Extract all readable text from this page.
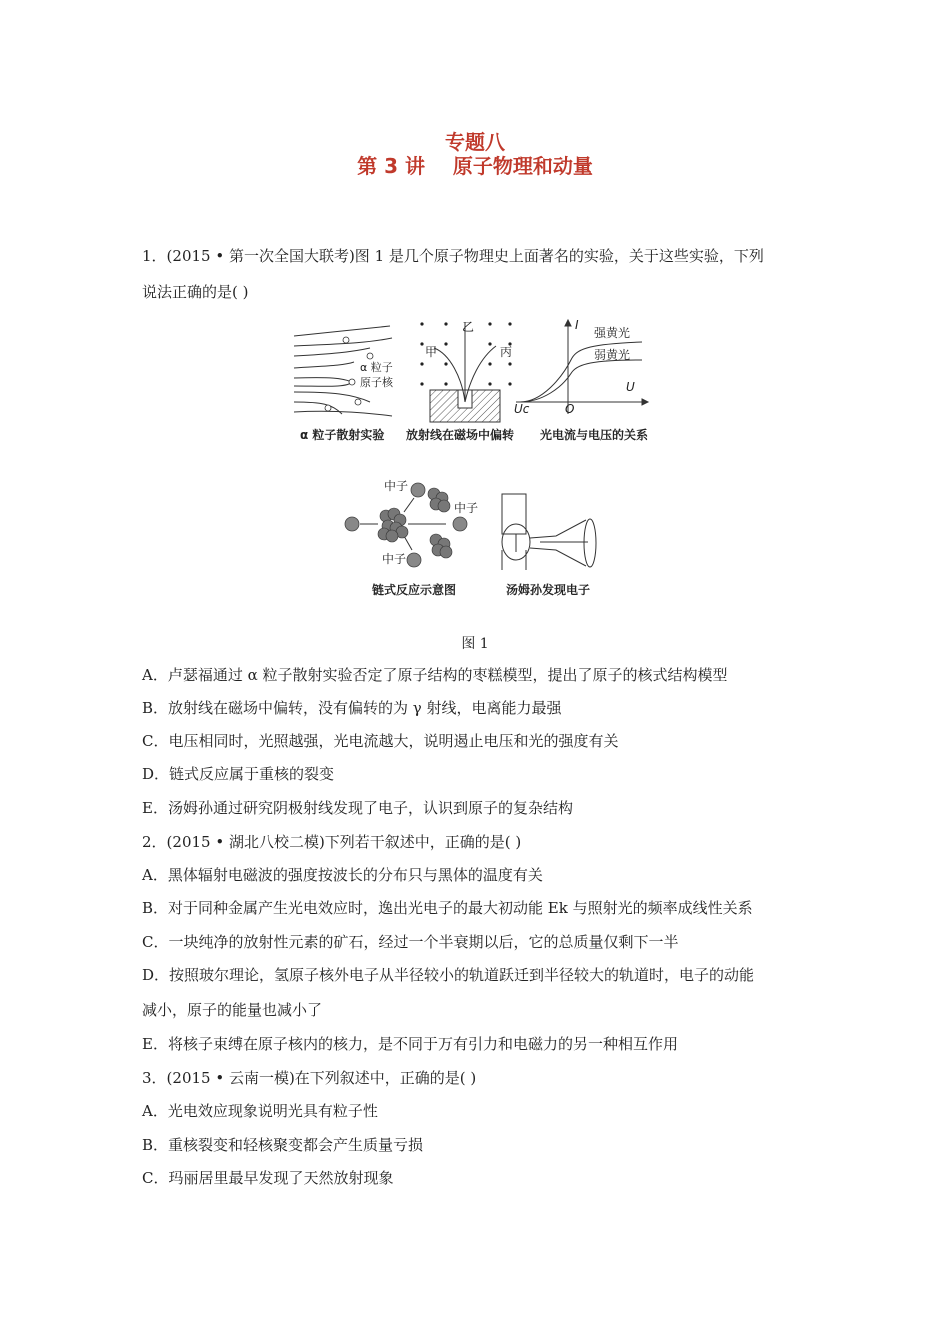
专题八
第 3 讲    原子物理和动量
1．(2015 • 第一次全国大联考)图 1 是几个原子物理史上面著名的实验，关于这些实验，下列
说法正确的是( )
α 粒子
原子核
α 粒子散射实验
甲
乙
丙
放射线在磁场中偏转
I
U
Uc	O
强黄光
弱黄光
光电流与电压的关系
中子
中子
中子
链式反应示意图	汤姆孙发现电子
图 1
A．卢瑟福通过 α 粒子散射实验否定了原子结构的枣糕模型，提出了原子的核式结构模型
B．放射线在磁场中偏转，没有偏转的为 γ 射线，电离能力最强
C．电压相同时，光照越强，光电流越大，说明遏止电压和光的强度有关
D．链式反应属于重核的裂变
E．汤姆孙通过研究阴极射线发现了电子，认识到原子的复杂结构
2．(2015 • 湖北八校二模)下列若干叙述中，正确的是( )
A．黑体辐射电磁波的强度按波长的分布只与黑体的温度有关
B．对于同种金属产生光电效应时，逸出光电子的最大初动能 Ek 与照射光的频率成线性关系
C．一块纯净的放射性元素的矿石，经过一个半衰期以后，它的总质量仅剩下一半
D．按照玻尔理论，氢原子核外电子从半径较小的轨道跃迁到半径较大的轨道时，电子的动能
减小，原子的能量也减小了
E．将核子束缚在原子核内的核力，是不同于万有引力和电磁力的另一种相互作用
3．(2015 • 云南一模)在下列叙述中，正确的是( )
A．光电效应现象说明光具有粒子性
B．重核裂变和轻核聚变都会产生质量亏损
C．玛丽居里最早发现了天然放射现象
